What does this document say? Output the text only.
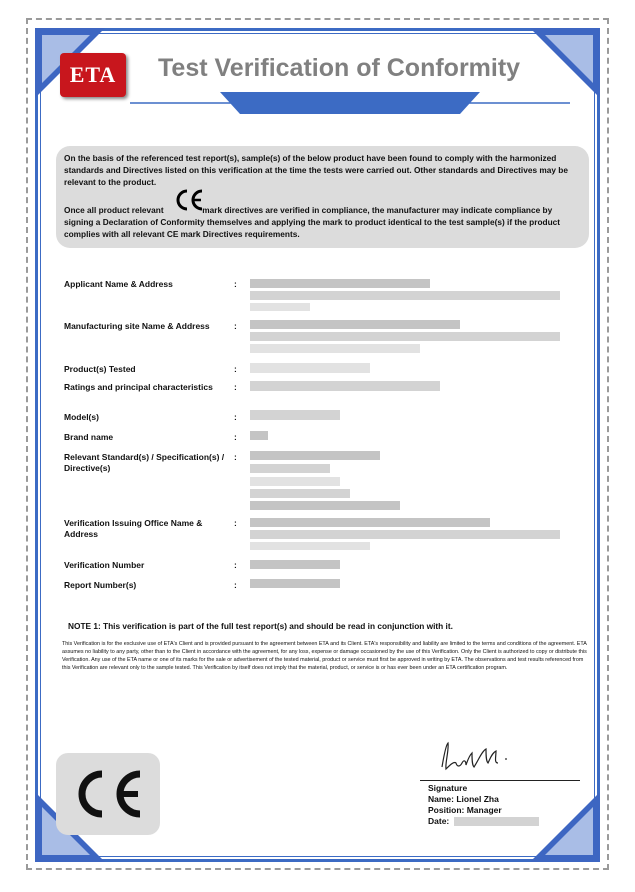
ETA Test Verification of Conformity

On the basis of the referenced test report(s), sample(s) of the below product have been found to comply with the harmonized standards and Directives listed on this verification at the time the tests were carried out. Other standards and Directives may be relevant to the product.

Once all product relevant	mark directives are verified in compliance, the manufacturer may indicate compliance by signing a Declaration of Conformity themselves and applying the mark to product identical to the test sample(s) if the product complies with all relevant CE mark Directives requirements.

Applicant Name & Address	:
Manufacturing site Name & Address	:
Product(s) Tested	:
Ratings and principal characteristics	:
Model(s)	:
Brand name	:
Relevant Standard(s) / Specification(s) / Directive(s)
:
Verification Issuing Office Name & Address
:
Verification Number	:
Report Number(s)	:
NOTE 1: This verification is part of the full test report(s) and should be read in conjunction with it.
This Verification is for the exclusive use of ETA's Client and is provided pursuant to the agreement between ETA and its Client. ETA's responsibility and liability are limited to the terms and conditions of the agreement. ETA assumes no liability to any party, other than to the Client in accordance with the agreement, for any loss, expense or damage occasioned by the use of this Verification. Only the Client is authorized to copy or distribute this Verification. Any use of the ETA name or one of its marks for the sale or advertisement of the tested material, product or service must first be approved in writing by ETA. The observations and test results referenced from this Verification are relevant only to the sample tested. This Verification by itself does not imply that the material, product, or service is or has ever been under an ETA certification program.
Signature
Name: Lionel Zha
Position: Manager
Date:
